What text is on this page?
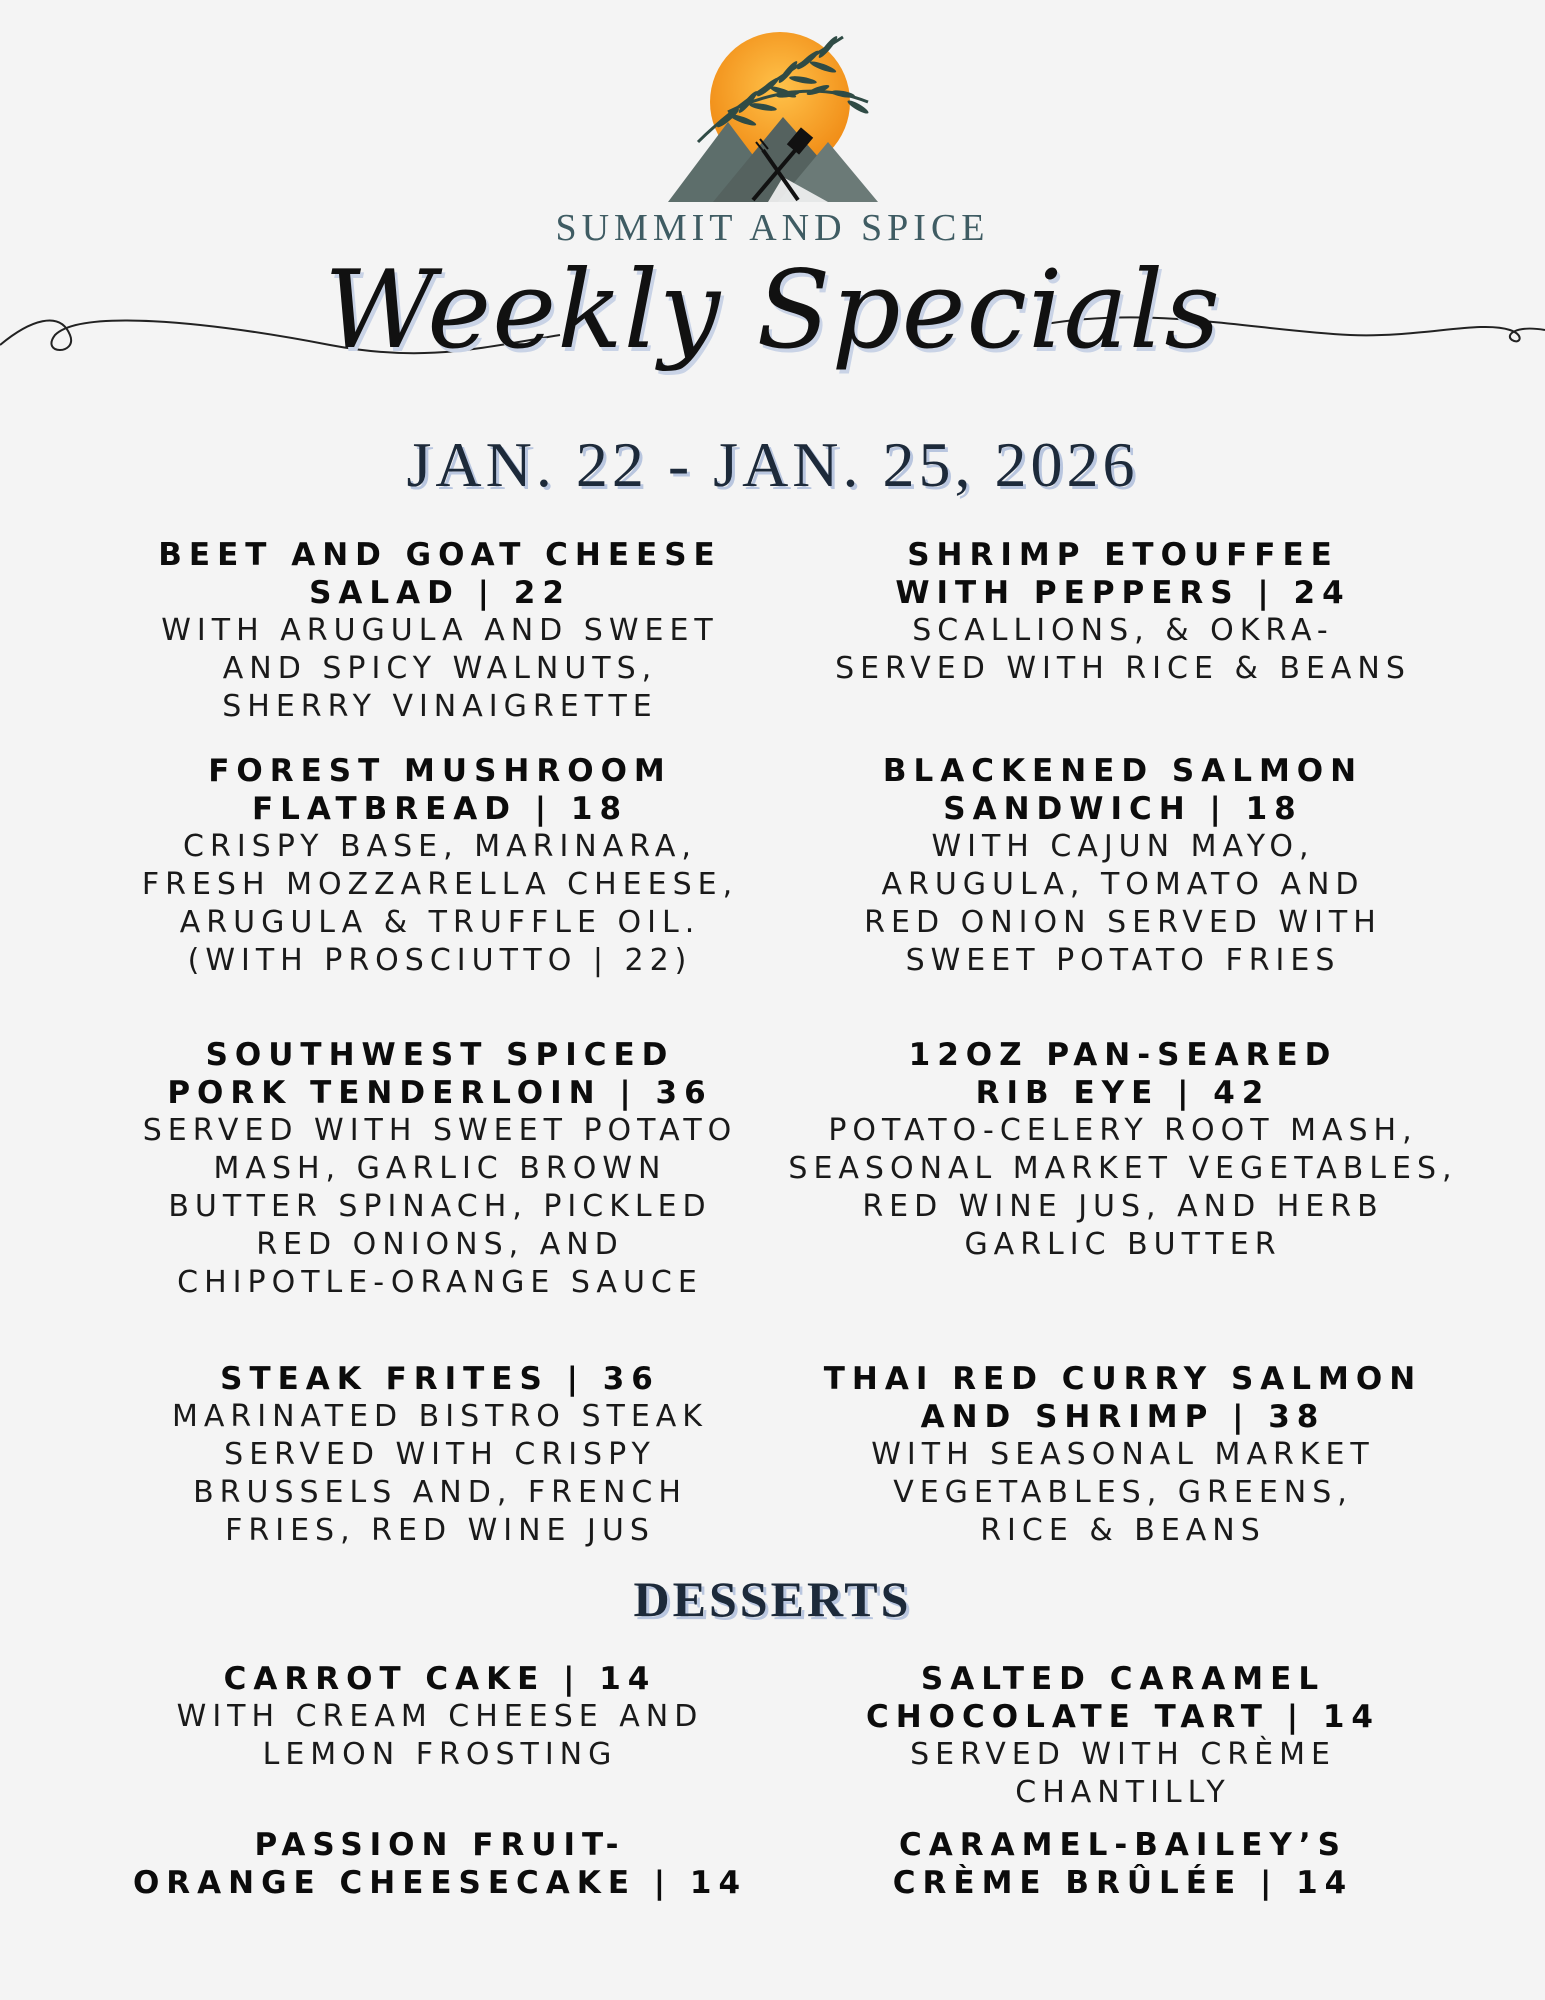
SUMMIT AND SPICE
Weekly Specials
JAN. 22 - JAN. 25, 2026
BEET AND GOAT CHEESE
SALAD | 22
WITH ARUGULA AND SWEET
AND SPICY WALNUTS,
SHERRY VINAIGRETTE
SHRIMP ETOUFFEE
WITH PEPPERS | 24
SCALLIONS, & OKRA-
SERVED WITH RICE & BEANS
FOREST MUSHROOM
FLATBREAD | 18
CRISPY BASE, MARINARA,
FRESH MOZZARELLA CHEESE,
ARUGULA & TRUFFLE OIL.
(WITH PROSCIUTTO | 22)
BLACKENED SALMON
SANDWICH | 18
WITH CAJUN MAYO,
ARUGULA, TOMATO AND
RED ONION SERVED WITH
SWEET POTATO FRIES
SOUTHWEST SPICED
PORK TENDERLOIN | 36
SERVED WITH SWEET POTATO
MASH, GARLIC BROWN
BUTTER SPINACH, PICKLED
RED ONIONS, AND
CHIPOTLE-ORANGE SAUCE
12OZ PAN-SEARED
RIB EYE | 42
POTATO-CELERY ROOT MASH,
SEASONAL MARKET VEGETABLES,
RED WINE JUS, AND HERB
GARLIC BUTTER
STEAK FRITES | 36
MARINATED BISTRO STEAK
SERVED WITH CRISPY
BRUSSELS AND, FRENCH
FRIES, RED WINE JUS
THAI RED CURRY SALMON
AND SHRIMP | 38
WITH SEASONAL MARKET
VEGETABLES, GREENS,
RICE & BEANS
DESSERTS
CARROT CAKE | 14
WITH CREAM CHEESE AND
LEMON FROSTING
SALTED CARAMEL
CHOCOLATE TART | 14
SERVED WITH CRÈME
CHANTILLY
PASSION FRUIT-
ORANGE CHEESECAKE | 14
CARAMEL-BAILEY’S
CRÈME BRÛLÉE | 14
